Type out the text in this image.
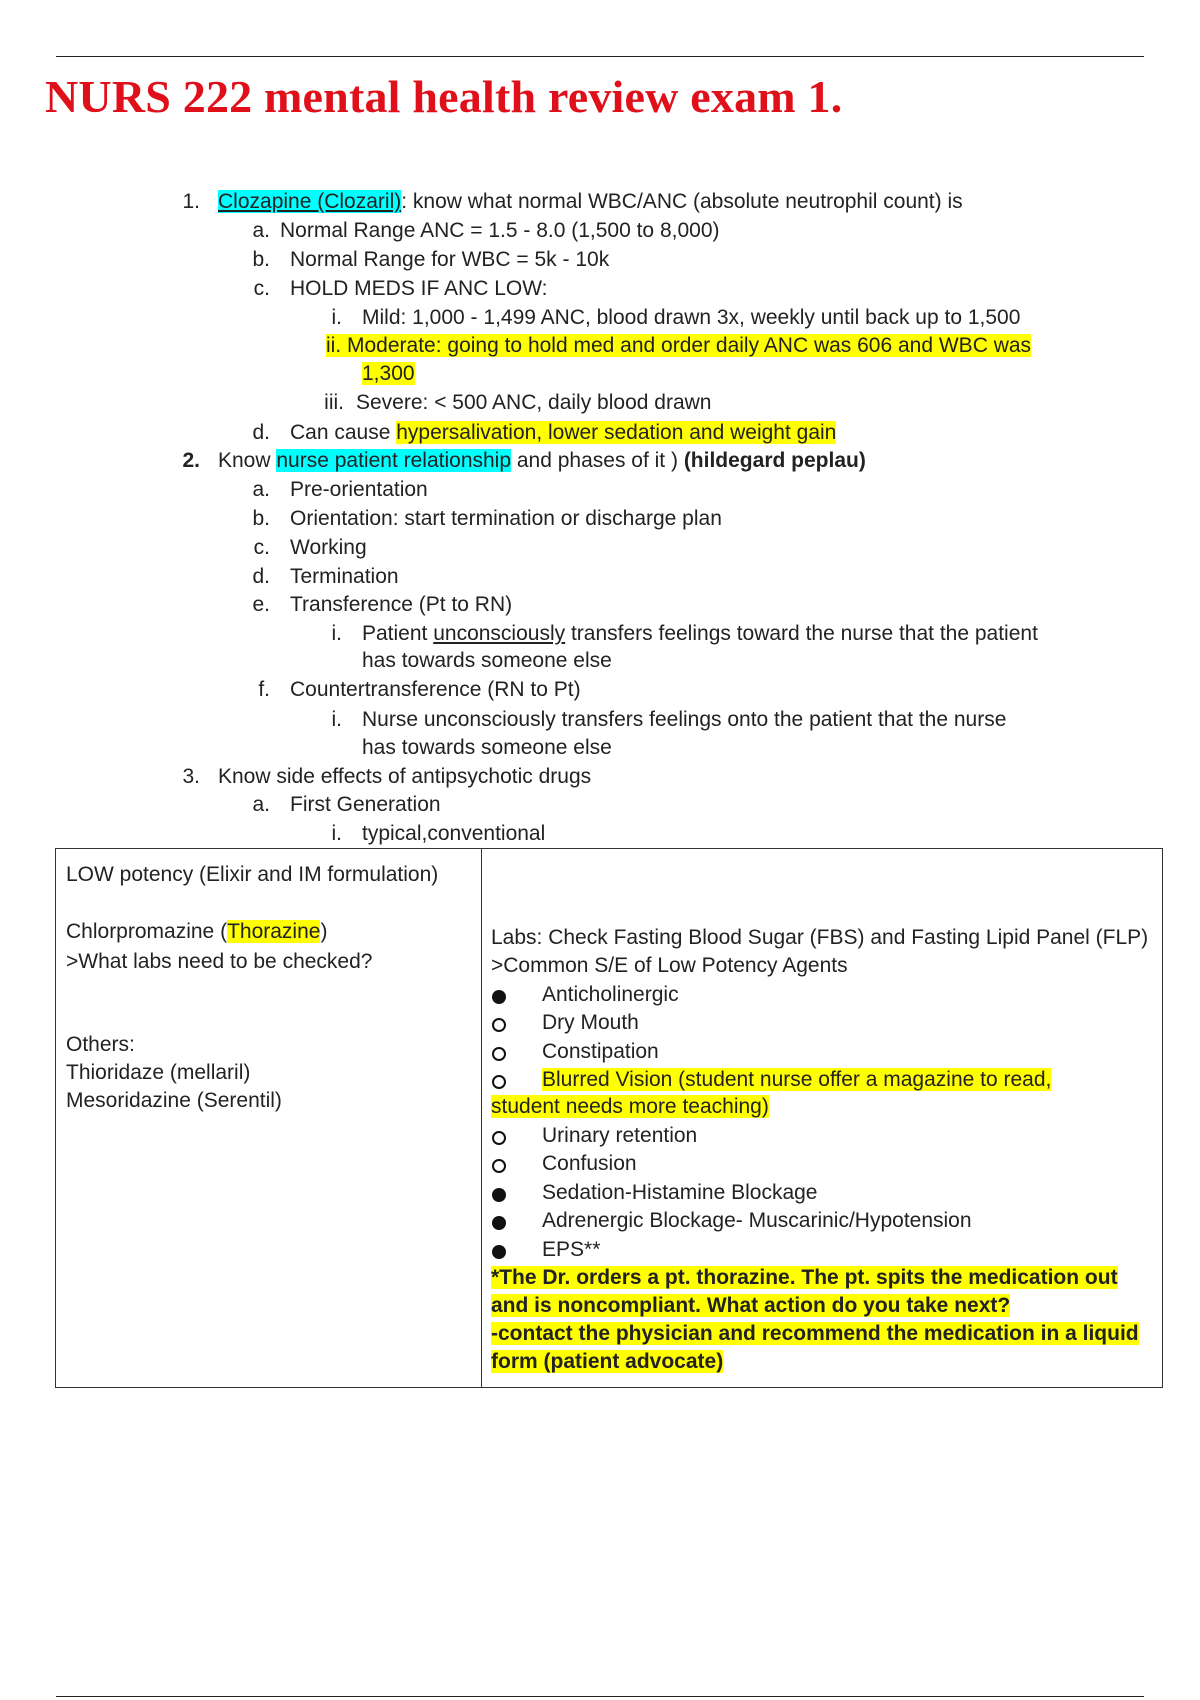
NURS 222 mental health review exam 1.
1. Clozapine (Clozaril): know what normal WBC/ANC (absolute neutrophil count) is
a. Normal Range ANC = 1.5 - 8.0 (1,500 to 8,000)
b. Normal Range for WBC = 5k - 10k
c. HOLD MEDS IF ANC LOW:
i. Mild: 1,000 - 1,499 ANC, blood drawn 3x, weekly until back up to 1,500
ii. Moderate: going to hold med and order daily ANC was 606 and WBC was
1,300
iii. Severe: < 500 ANC, daily blood drawn
d. Can cause hypersalivation, lower sedation and weight gain
2. Know nurse patient relationship and phases of it ) (hildegard peplau)
a. Pre-orientation
b. Orientation: start termination or discharge plan
c. Working
d. Termination
e. Transference (Pt to RN)
i. Patient unconsciously transfers feelings toward the nurse that the patient
has towards someone else
f. Countertransference (RN to Pt)
i. Nurse unconsciously transfers feelings onto the patient that the nurse
has towards someone else
3. Know side effects of antipsychotic drugs
a. First Generation
i. typical,conventional
LOW potency (Elixir and IM formulation)
Chlorpromazine (Thorazine)
>What labs need to be checked?
Others:
Thioridaze (mellaril)
Mesoridazine (Serentil)
Labs: Check Fasting Blood Sugar (FBS) and Fasting Lipid Panel (FLP)
>Common S/E of Low Potency Agents
Anticholinergic
Dry Mouth
Constipation
Blurred Vision (student nurse offer a magazine to read,
student needs more teaching)
Urinary retention
Confusion
Sedation-Histamine Blockage
Adrenergic Blockage- Muscarinic/Hypotension
EPS**
*The Dr. orders a pt. thorazine. The pt. spits the medication out
and is noncompliant. What action do you take next?
-contact the physician and recommend the medication in a liquid
form (patient advocate)
